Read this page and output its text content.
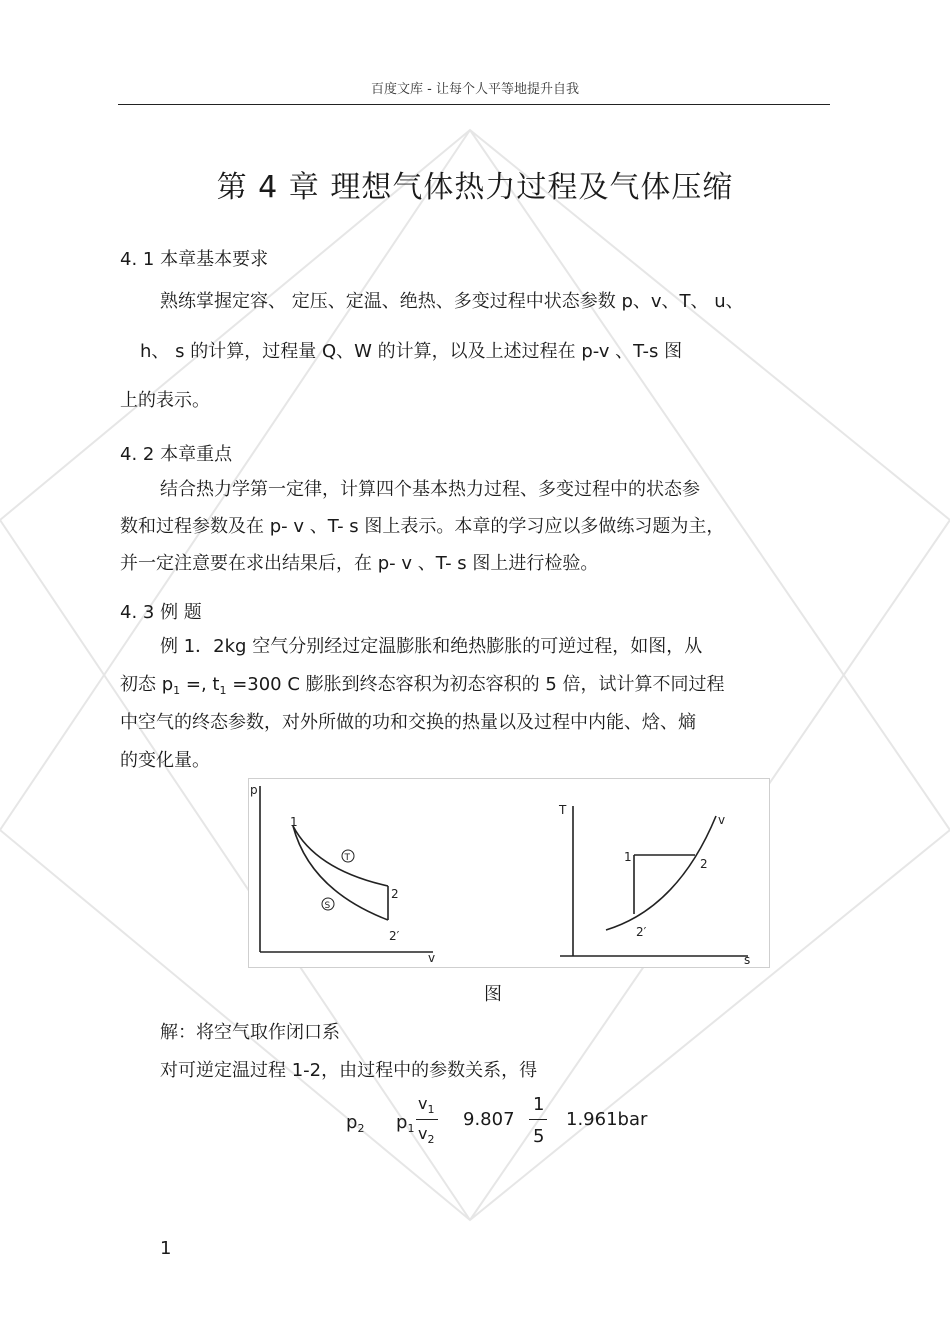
百度文库 - 让每个人平等地提升自我
第 4 章 理想气体热力过程及气体压缩
4. 1 本章基本要求
熟练掌握定容、 定压、定温、绝热、多变过程中状态参数 p、v、T、 u、
h、 s 的计算，过程量 Q、W 的计算，以及上述过程在 p-v 、T-s 图
上的表示。
4. 2 本章重点
结合热力学第一定律，计算四个基本热力过程、多变过程中的状态参
数和过程参数及在 p- v 、T- s 图上表示。本章的学习应以多做练习题为主，
并一定注意要在求出结果后，在 p- v 、T- s 图上进行检验。
4. 3 例 题
例 1．2kg 空气分别经过定温膨胀和绝热膨胀的可逆过程，如图，从
初态 $p_1$ =, $t_1 =300$ C 膨胀到终态容积为初态容积的 5 倍，试计算不同过程
中空气的终态参数，对外所做的功和交换的热量以及过程中内能、焓、熵
的变化量。
p
v
1
2
2′
T
S
T
s
1	2
2′
v
图
解：将空气取作闭口系
对可逆定温过程 1-2，由过程中的参数关系，得
$p_2$ $p_1$
$v_1$
$v_2$
9.807
1
5
1.961bar
1
